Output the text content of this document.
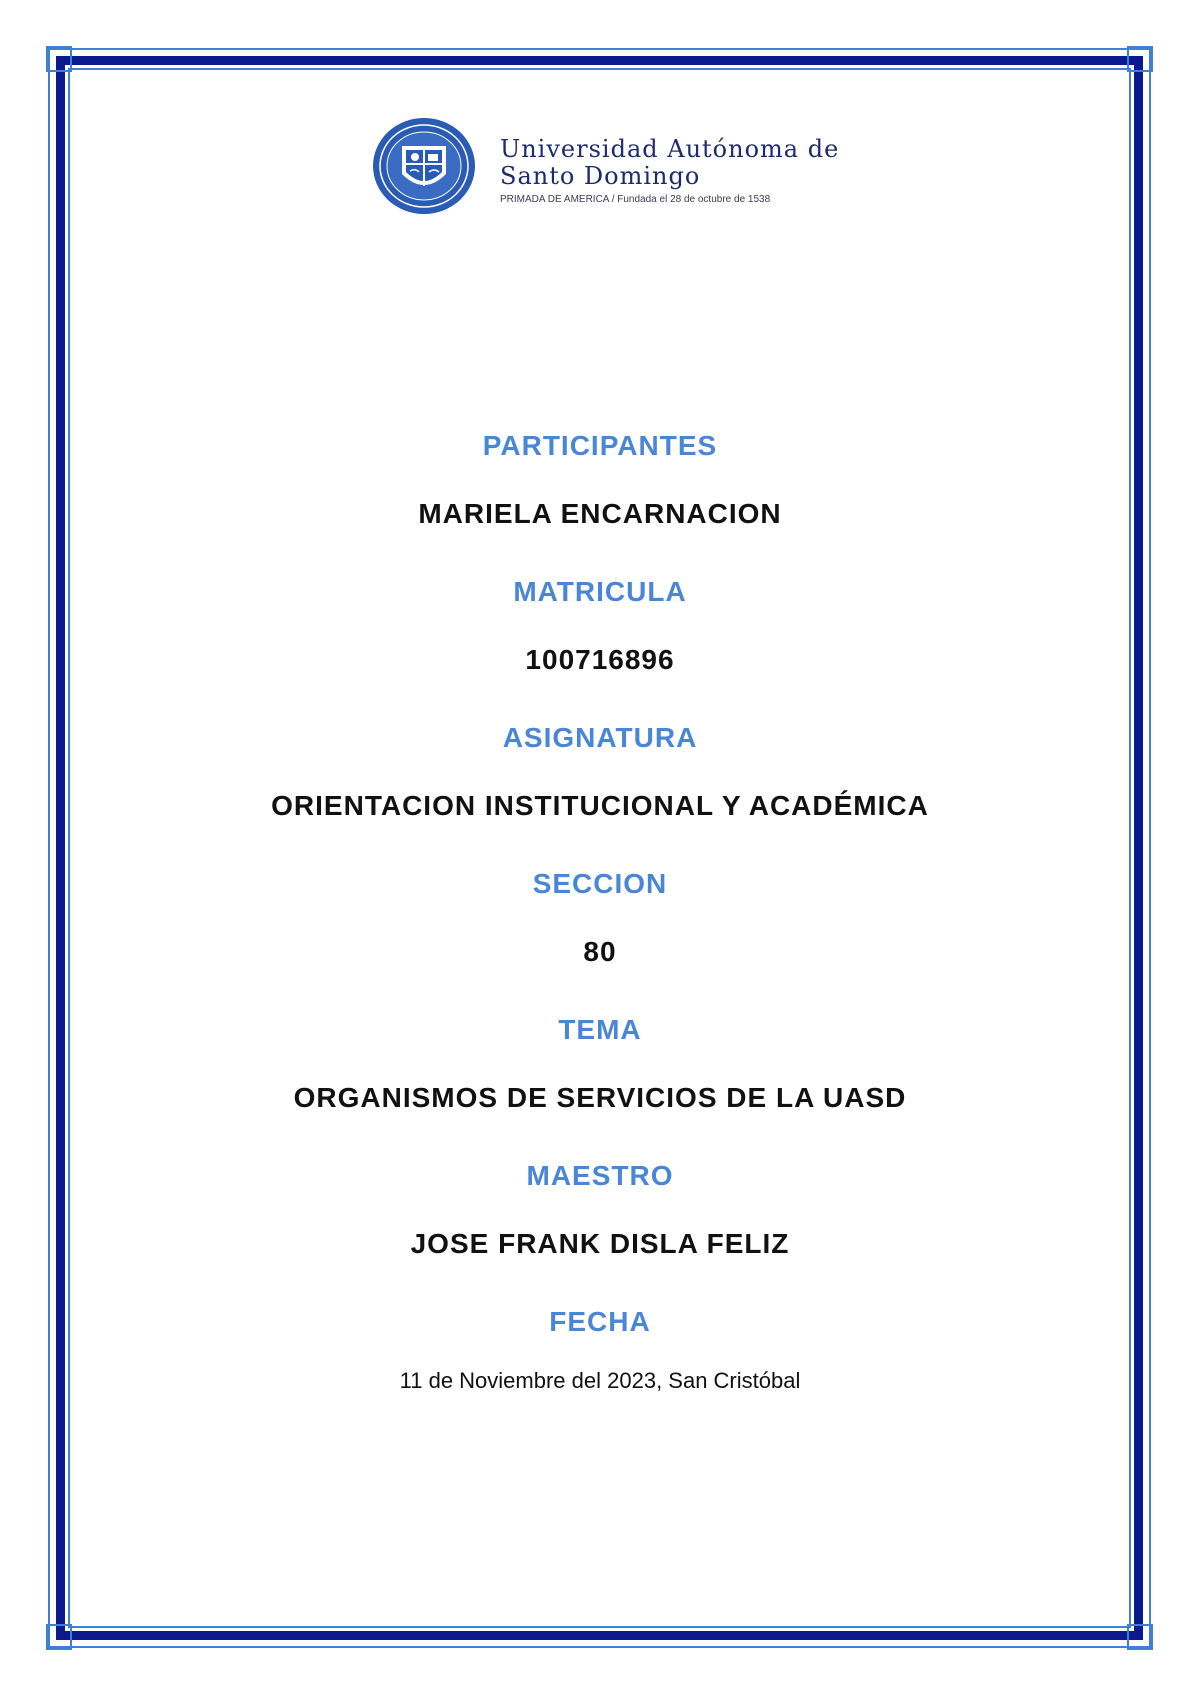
Universidad Autónoma de Santo Domingo
PRIMADA DE AMERICA / Fundada el 28 de octubre de 1538
PARTICIPANTES
MARIELA ENCARNACION
MATRICULA
100716896
ASIGNATURA
ORIENTACION INSTITUCIONAL Y ACADÉMICA
SECCION
80
TEMA
ORGANISMOS DE SERVICIOS DE LA UASD
MAESTRO
JOSE FRANK DISLA FELIZ
FECHA
11 de Noviembre del 2023, San Cristóbal
